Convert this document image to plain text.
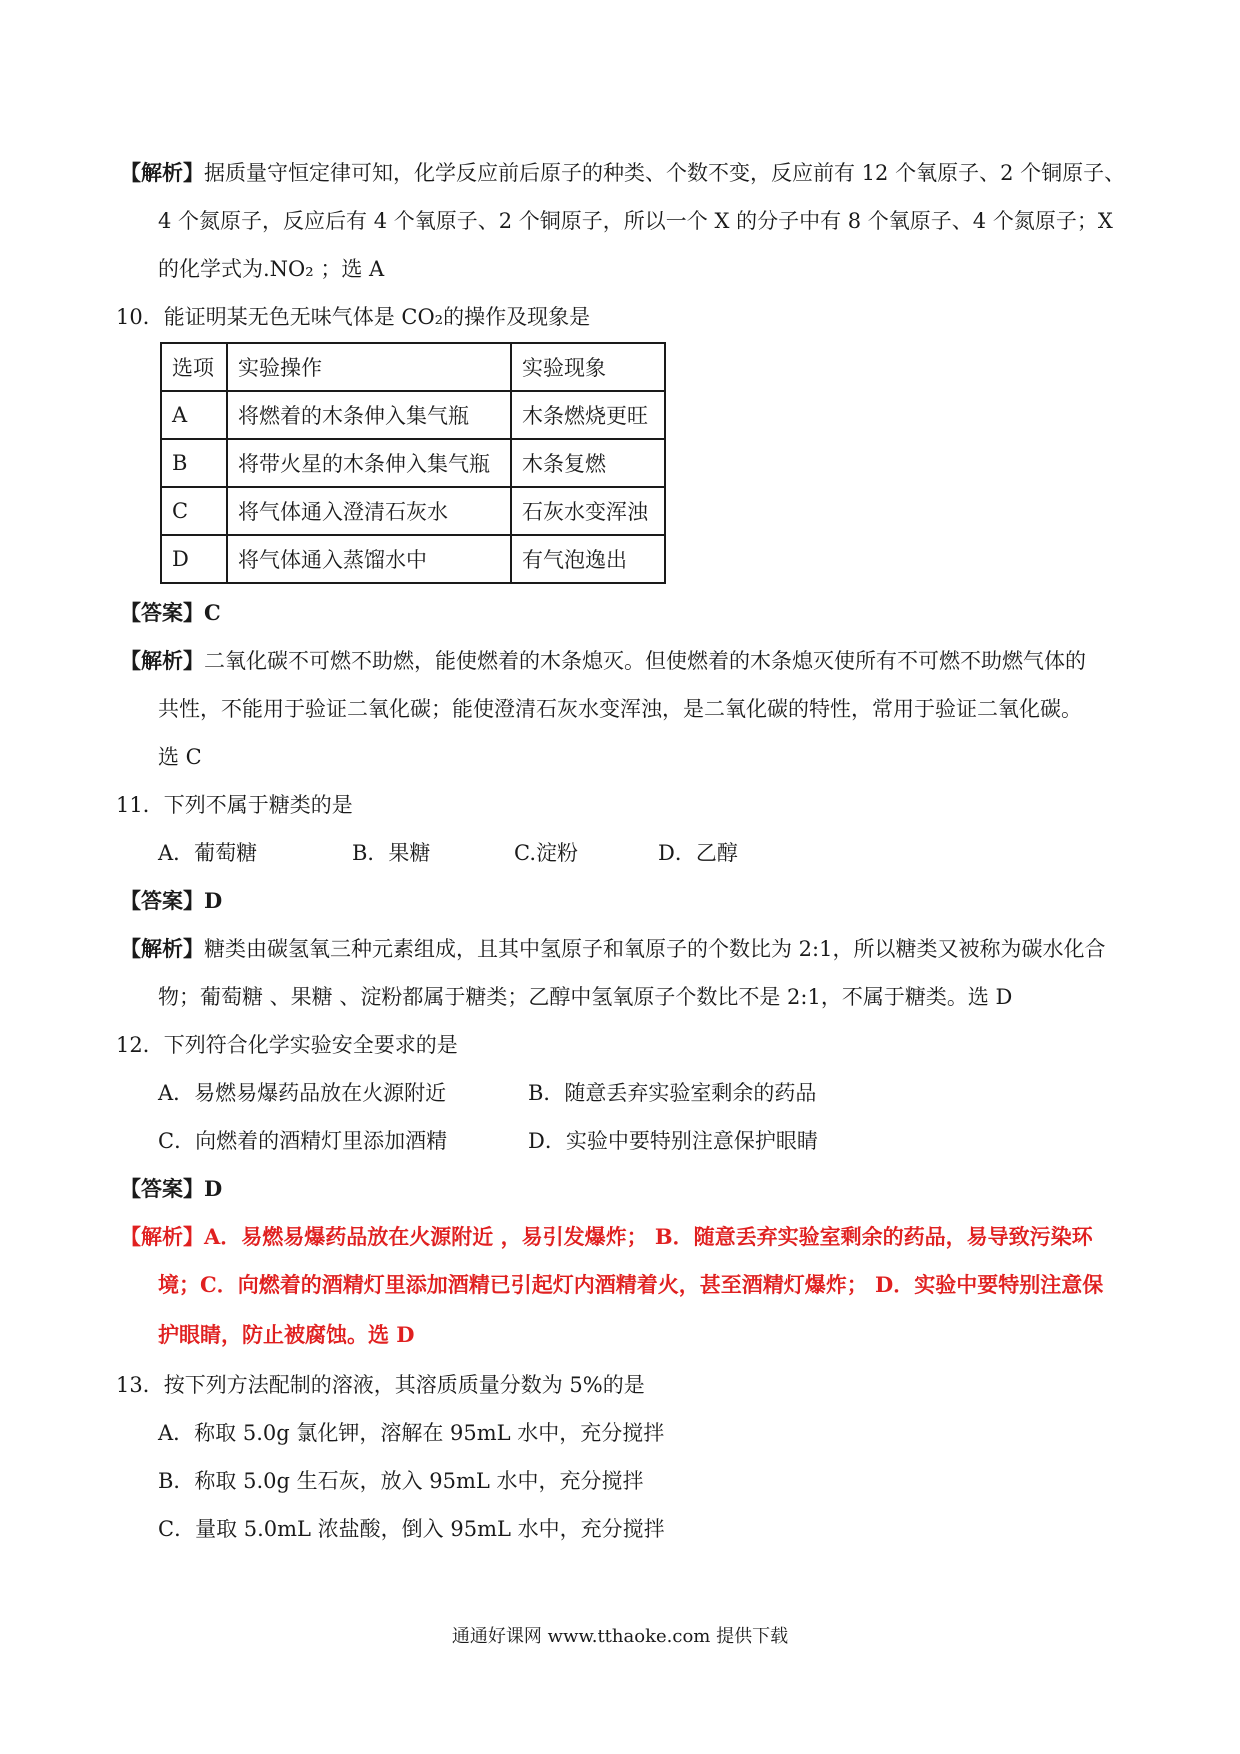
【解析】据质量守恒定律可知，化学反应前后原子的种类、个数不变，反应前有 12 个氧原子、2 个铜原子、
4 个氮原子，反应后有 4 个氧原子、2 个铜原子，所以一个 X 的分子中有 8 个氧原子、4 个氮原子；X
的化学式为.NO₂ ；选 A
10．能证明某无色无味气体是 CO₂的操作及现象是
选项	实验操作	实验现象
A	将燃着的木条伸入集气瓶	木条燃烧更旺
B	将带火星的木条伸入集气瓶	木条复燃
C	将气体通入澄清石灰水	石灰水变浑浊
D	将气体通入蒸馏水中	有气泡逸出
【答案】C
【解析】二氧化碳不可燃不助燃，能使燃着的木条熄灭。但使燃着的木条熄灭使所有不可燃不助燃气体的
共性，不能用于验证二氧化碳；能使澄清石灰水变浑浊，是二氧化碳的特性，常用于验证二氧化碳。
选 C
11．下列不属于糖类的是
A．葡萄糖	B．果糖	C.淀粉	D．乙醇
【答案】D
【解析】糖类由碳氢氧三种元素组成，且其中氢原子和氧原子的个数比为 2:1，所以糖类又被称为碳水化合
物；葡萄糖 、果糖 、淀粉都属于糖类；乙醇中氢氧原子个数比不是 2:1，不属于糖类。选 D
12．下列符合化学实验安全要求的是
A．易燃易爆药品放在火源附近	B．随意丢弃实验室剩余的药品
C．向燃着的酒精灯里添加酒精	D．实验中要特别注意保护眼睛
【答案】D
【解析】A．易燃易爆药品放在火源附近 ，易引发爆炸； B．随意丢弃实验室剩余的药品，易导致污染环
境；C．向燃着的酒精灯里添加酒精已引起灯内酒精着火，甚至酒精灯爆炸； D．实验中要特别注意保
护眼睛，防止被腐蚀。选 D
13．按下列方法配制的溶液，其溶质质量分数为 5%的是
A．称取 5.0g 氯化钾，溶解在 95mL 水中，充分搅拌
B．称取 5.0g 生石灰，放入 95mL 水中，充分搅拌
C．量取 5.0mL 浓盐酸，倒入 95mL 水中，充分搅拌
通通好课网 www.tthaoke.com 提供下载
